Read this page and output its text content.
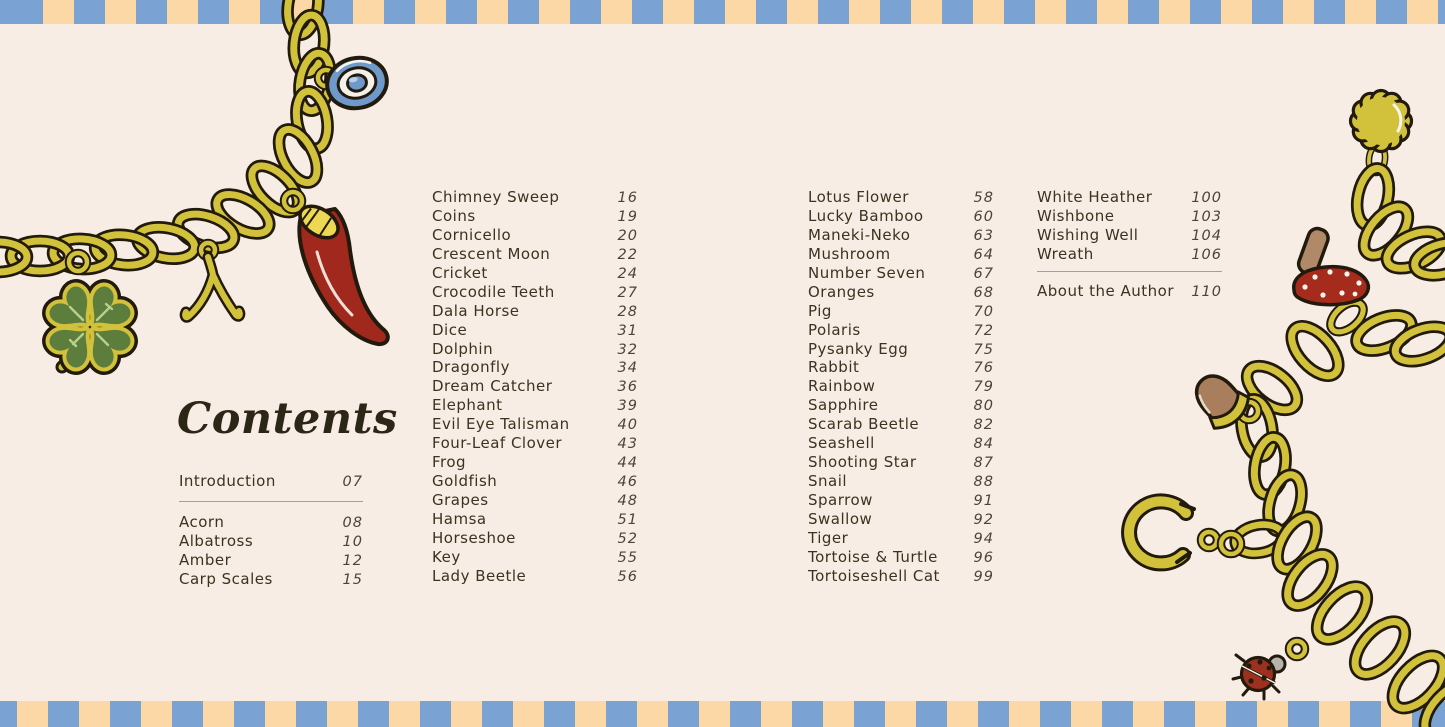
Contents
Introduction	07
Acorn	08
Albatross	10
Amber	12
Carp Scales	15
Chimney Sweep	16
Coins	19
Cornicello	20
Crescent Moon	22
Cricket	24
Crocodile Teeth	27
Dala Horse	28
Dice	31
Dolphin	32
Dragonfly	34
Dream Catcher	36
Elephant	39
Evil Eye Talisman	40
Four-Leaf Clover	43
Frog	44
Goldfish	46
Grapes	48
Hamsa	51
Horseshoe	52
Key	55
Lady Beetle	56
Lotus Flower	58
Lucky Bamboo	60
Maneki-Neko	63
Mushroom	64
Number Seven	67
Oranges	68
Pig	70
Polaris	72
Pysanky Egg	75
Rabbit	76
Rainbow	79
Sapphire	80
Scarab Beetle	82
Seashell	84
Shooting Star	87
Snail	88
Sparrow	91
Swallow	92
Tiger	94
Tortoise & Turtle 96
Tortoiseshell Cat 99
White Heather	100
Wishbone	103
Wishing Well	104
Wreath	106
About the Author 110
